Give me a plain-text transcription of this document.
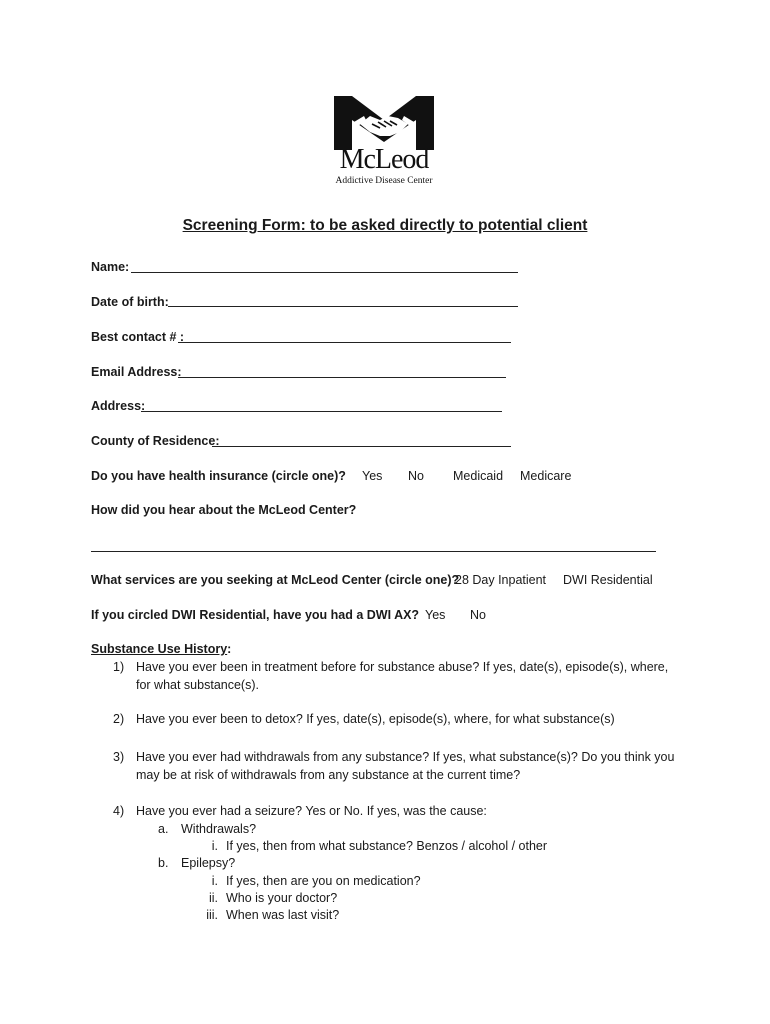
McLeod
Addictive Disease Center
Screening Form: to be asked directly to potential client
Name:
Date of birth:
Best contact # :
Email Address:
Address:
County of Residence:
Do you have health insurance (circle one)? Yes No Medicaid Medicare
How did you hear about the McLeod Center?
What services are you seeking at McLeod Center (circle one)?
28 Day Inpatient DWI Residential
If you circled DWI Residential, have you had a DWI AX? Yes No
Substance Use History:
1) Have you ever been in treatment before for substance abuse? If yes, date(s), episode(s), where,
for what substance(s).
2) Have you ever been to detox? If yes, date(s), episode(s), where, for what substance(s)
3) Have you ever had withdrawals from any substance? If yes, what substance(s)? Do you think you
may be at risk of withdrawals from any substance at the current time?
4) Have you ever had a seizure? Yes or No. If yes, was the cause:
a. Withdrawals?
i. If yes, then from what substance? Benzos / alcohol / other
b. Epilepsy?
i. If yes, then are you on medication?
ii. Who is your doctor?
iii. When was last visit?
